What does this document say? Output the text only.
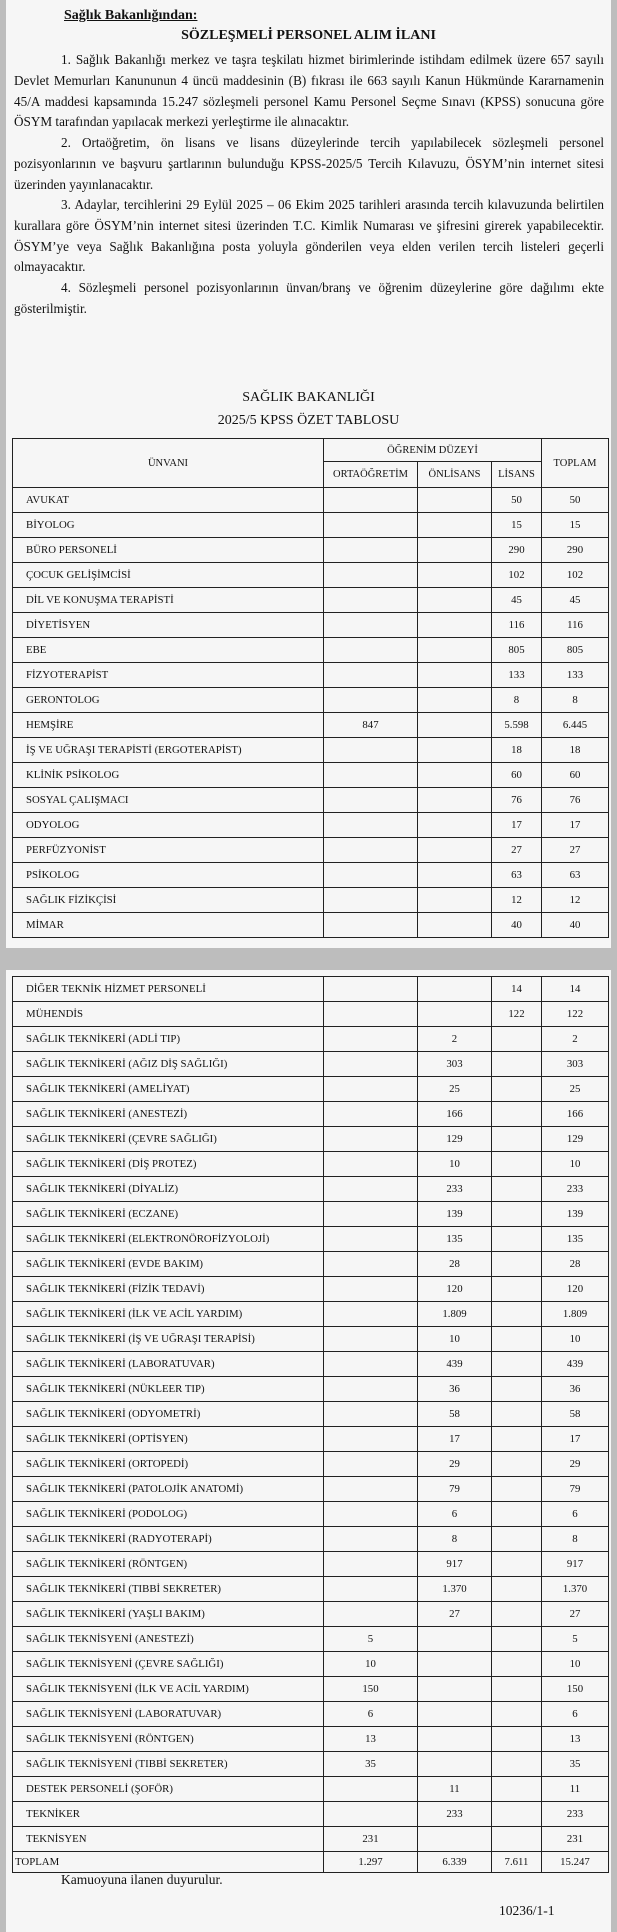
Sağlık Bakanlığından:
SÖZLEŞMELİ PERSONEL ALIM İLANI
1. Sağlık Bakanlığı merkez ve taşra teşkilatı hizmet birimlerinde istihdam edilmek üzere 657 sayılı Devlet Memurları Kanununun 4 üncü maddesinin (B) fıkrası ile 663 sayılı Kanun Hükmünde Kararnamenin 45/A maddesi kapsamında 15.247 sözleşmeli personel Kamu Personel Seçme Sınavı (KPSS) sonucuna göre ÖSYM tarafından yapılacak merkezi yerleştirme ile alınacaktır.
2. Ortaöğretim, ön lisans ve lisans düzeylerinde tercih yapılabilecek sözleşmeli personel pozisyonlarının ve başvuru şartlarının bulunduğu KPSS-2025/5 Tercih Kılavuzu, ÖSYM’nin internet sitesi üzerinden yayınlanacaktır.
3. Adaylar, tercihlerini 29 Eylül 2025 – 06 Ekim 2025 tarihleri arasında tercih kılavuzunda belirtilen kurallara göre ÖSYM’nin internet sitesi üzerinden T.C. Kimlik Numarası ve şifresini girerek yapabilecektir. ÖSYM’ye veya Sağlık Bakanlığına posta yoluyla gönderilen veya elden verilen tercih listeleri geçerli olmayacaktır.
4. Sözleşmeli personel pozisyonlarının ünvan/branş ve öğrenim düzeylerine göre dağılımı ekte gösterilmiştir.
SAĞLIK BAKANLIĞI
2025/5 KPSS ÖZET TABLOSU
ÜNVANI	ÖĞRENİM DÜZEYİ			TOPLAM
	ORTAÖĞRETİM	ÖNLİSANS	LİSANS	
AVUKAT			50	50
BİYOLOG			15	15
BÜRO PERSONELİ			290	290
ÇOCUK GELİŞİMCİSİ			102	102
DİL VE KONUŞMA TERAPİSTİ			45	45
DİYETİSYEN			116	116
EBE			805	805
FİZYOTERAPİST			133	133
GERONTOLOG			8	8
HEMŞİRE	847		5.598	6.445
İŞ VE UĞRAŞI TERAPİSTİ (ERGOTERAPİST)			18	18
KLİNİK PSİKOLOG			60	60
SOSYAL ÇALIŞMACI			76	76
ODYOLOG			17	17
PERFÜZYONİST			27	27
PSİKOLOG			63	63
SAĞLIK FİZİKÇİSİ			12	12
MİMAR			40	40
DİĞER TEKNİK HİZMET PERSONELİ			14	14
MÜHENDİS			122	122
SAĞLIK TEKNİKERİ (ADLİ TIP)		2		2
SAĞLIK TEKNİKERİ (AĞIZ DİŞ SAĞLIĞI)		303		303
SAĞLIK TEKNİKERİ (AMELİYAT)		25		25
SAĞLIK TEKNİKERİ (ANESTEZİ)		166		166
SAĞLIK TEKNİKERİ (ÇEVRE SAĞLIĞI)		129		129
SAĞLIK TEKNİKERİ (DİŞ PROTEZ)		10		10
SAĞLIK TEKNİKERİ (DİYALİZ)		233		233
SAĞLIK TEKNİKERİ (ECZANE)		139		139
SAĞLIK TEKNİKERİ (ELEKTRONÖROFİZYOLOJİ)		135		135
SAĞLIK TEKNİKERİ (EVDE BAKIM)		28		28
SAĞLIK TEKNİKERİ (FİZİK TEDAVİ)		120		120
SAĞLIK TEKNİKERİ (İLK VE ACİL YARDIM)		1.809		1.809
SAĞLIK TEKNİKERİ (İŞ VE UĞRAŞI TERAPİSİ)		10		10
SAĞLIK TEKNİKERİ (LABORATUVAR)		439		439
SAĞLIK TEKNİKERİ (NÜKLEER TIP)		36		36
SAĞLIK TEKNİKERİ (ODYOMETRİ)		58		58
SAĞLIK TEKNİKERİ (OPTİSYEN)		17		17
SAĞLIK TEKNİKERİ (ORTOPEDİ)		29		29
SAĞLIK TEKNİKERİ (PATOLOJİK ANATOMİ)		79		79
SAĞLIK TEKNİKERİ (PODOLOG)		6		6
SAĞLIK TEKNİKERİ (RADYOTERAPİ)		8		8
SAĞLIK TEKNİKERİ (RÖNTGEN)		917		917
SAĞLIK TEKNİKERİ (TIBBİ SEKRETER)		1.370		1.370
SAĞLIK TEKNİKERİ (YAŞLI BAKIM)		27		27
SAĞLIK TEKNİSYENİ (ANESTEZİ)	5			5
SAĞLIK TEKNİSYENİ (ÇEVRE SAĞLIĞI)	10			10
SAĞLIK TEKNİSYENİ (İLK VE ACİL YARDIM)	150			150
SAĞLIK TEKNİSYENİ (LABORATUVAR)	6			6
SAĞLIK TEKNİSYENİ (RÖNTGEN)	13			13
SAĞLIK TEKNİSYENİ (TIBBİ SEKRETER)	35			35
DESTEK PERSONELİ (ŞOFÖR)		11		11
TEKNİKER		233		233
TEKNİSYEN	231			231
TOPLAM	1.297	6.339	7.611	15.247
Kamuoyuna ilanen duyurulur.
10236/1-1
